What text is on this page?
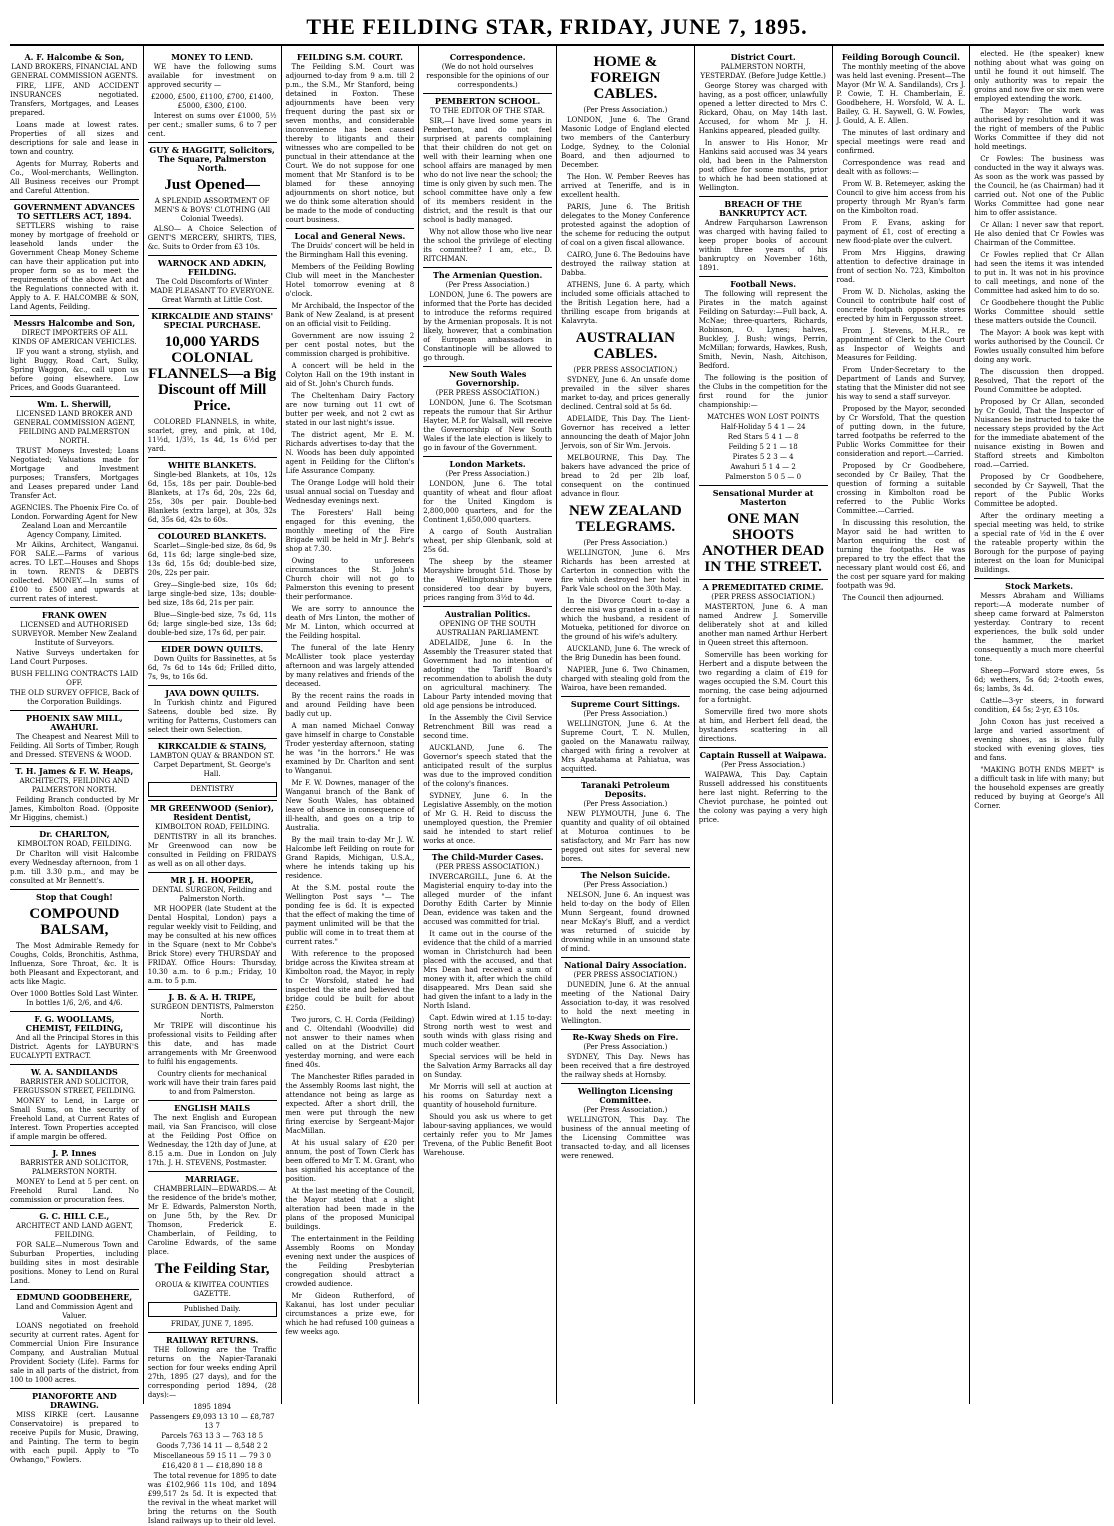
THE FEILDING STAR, FRIDAY, JUNE 7, 1895.
A. F. Halcombe & Son,
LAND BROKERS, FINANCIAL AND GENERAL COMMISSION AGENTS.
FIRE, LIFE, AND ACCIDENT INSURANCES negotiated. Transfers, Mortgages, and Leases prepared.
Loans made at lowest rates. Properties of all sizes and descriptions for sale and lease in town and country.
Agents for Murray, Roberts and Co., Wool-merchants, Wellington. All Business receives our Prompt and Careful Attention.
GOVERNMENT ADVANCES TO SETTLERS ACT, 1894.
SETTLERS wishing to raise money by mortgage of freehold or leasehold lands under the Government Cheap Money Scheme can have their application put into proper form so as to meet the requirements of the above Act and the Regulations connected with it. Apply to A. F. HALCOMBE & SON, Land Agents, Feilding.
Messrs Halcombe and Son,
DIRECT IMPORTERS OF ALL KINDS OF AMERICAN VEHICLES.
IF you want a strong, stylish, and light Buggy, Road Cart, Sulky, Spring Waggon, &c., call upon us before going elsewhere. Low Prices, and Goods Guaranteed.
Wm. L. Sherwill,
LICENSED LAND BROKER AND GENERAL COMMISSION AGENT, FEILDING AND PALMERSTON NORTH.
TRUST Moneys Invested; Loans Negotiated; Valuations made for Mortgage and Investment purposes; Transfers, Mortgages and Leases prepared under Land Transfer Act.
AGENCIES. The Phoenix Fire Co. of London. Forwarding Agent for New Zealand Loan and Mercantile Agency Company, Limited.
Mr Aikins, Architect, Wanganui. FOR SALE.—Farms of various acres. TO LET.—Houses and Shops in town. RENTS & DEBTS collected. MONEY.—In sums of £100 to £500 and upwards at current rates of interest.
FRANK OWEN
LICENSED and AUTHORISED SURVEYOR. Member New Zealand Institute of Surveyors.
Native Surveys undertaken for Land Court Purposes.
BUSH FELLING CONTRACTS LAID OFF.
THE OLD SURVEY OFFICE, Back of the Corporation Buildings.
PHOENIX SAW MILL, AWAHURI.
The Cheapest and Nearest Mill to Feilding. All Sorts of Timber, Rough and Dressed. STEVENS & WOOD.
T. H. James & F. W. Heaps,
ARCHITECTS, FEILDING AND PALMERSTON NORTH.
Feilding Branch conducted by Mr James, Kimbolton Road. (Opposite Mr Higgins, chemist.)
Dr. CHARLTON,
KIMBOLTON ROAD, FEILDING.
Dr Charlton will visit Halcombe every Wednesday afternoon, from 1 p.m. till 3.30 p.m., and may be consulted at Mr Bennett's.
Stop that Cough!
COMPOUND BALSAM,
The Most Admirable Remedy for Coughs, Colds, Bronchitis, Asthma, Influenza, Sore Throat, &c. It is both Pleasant and Expectorant, and acts like Magic.
Over 1000 Bottles Sold Last Winter. In bottles 1/6, 2/6, and 4/6.
F. G. WOOLLAMS, CHEMIST, FEILDING,
And all the Principal Stores in this District. Agents for LAYBURN'S EUCALYPTI EXTRACT.
W. A. SANDILANDS
BARRISTER AND SOLICITOR, FERGUSSON STREET, FEILDING.
MONEY to Lend, in Large or Small Sums, on the security of Freehold Land, at Current Rates of Interest. Town Properties accepted if ample margin be offered.
J. P. Innes
BARRISTER AND SOLICITOR, PALMERSTON NORTH.
MONEY to Lend at 5 per cent. on Freehold Rural Land. No commission or procuration fees.
G. C. HILL C.E.,
ARCHITECT AND LAND AGENT, FEILDING.
FOR SALE—Numerous Town and Suburban Properties, including building sites in most desirable positions. Money to Lend on Rural Land.
EDMUND GOODBEHERE,
Land and Commission Agent and Valuer.
LOANS negotiated on freehold security at current rates. Agent for Commercial Union Fire Insurance Company, and Australian Mutual Provident Society (Life). Farms for sale in all parts of the district, from 100 to 1000 acres.
PIANOFORTE AND DRAWING.
MISS KIRKE (cert. Lausanne Conservatoire) is prepared to receive Pupils for Music, Drawing, and Painting. The term to begin with each pupil. Apply to "To Owhango," Fowlers.
MONEY TO LEND.
WE have the following sums available for investment on approved security —
£2000, £500, £1100, £700, £1400, £5000, £300, £100.
Interest on sums over £1000, 5½ per cent.; smaller sums, 6 to 7 per cent.
GUY & HAGGITT, Solicitors, The Square, Palmerston North.
Just Opened—
A SPLENDID ASSORTMENT OF MEN'S & BOYS' CLOTHING (All Colonial Tweeds).
ALSO— A Choice Selection of GENT'S MERCERY, SHIRTS, TIES, &c. Suits to Order from £3 10s.
WARNOCK AND ADKIN, FEILDING.
The Cold Discomforts of Winter MADE PLEASANT TO EVERYONE. Great Warmth at Little Cost.
KIRKCALDIE AND STAINS' SPECIAL PURCHASE.
10,000 YARDS COLONIAL FLANNELS—a Big Discount off Mill Price.
COLORED FLANNELS, in white, scarlet, grey, and pink, at 10d, 11½d, 1/3½, 1s 4d, 1s 6½d per yard.
WHITE BLANKETS.
Single-bed Blankets, at 10s, 12s 6d, 15s, 18s per pair. Double-bed Blankets, at 17s 6d, 20s, 22s 6d, 25s, 30s per pair. Double-bed Blankets (extra large), at 30s, 32s 6d, 35s 6d, 42s to 60s.
COLOURED BLANKETS.
Scarlet—Single-bed size, 8s 6d, 9s 6d, 11s 6d; large single-bed size, 13s 6d, 15s 6d; double-bed size, 20s, 22s per pair.
Grey—Single-bed size, 10s 6d; large single-bed size, 13s; double-bed size, 18s 6d, 21s per pair.
Blue—Single-bed size, 7s 6d, 11s 6d; large single-bed size, 13s 6d; double-bed size, 17s 6d, per pair.
EIDER DOWN QUILTS.
Down Quilts for Bassinettes, at 5s 6d, 7s 6d to 14s 6d; Frilled ditto, 7s, 9s, to 16s 6d.
JAVA DOWN QUILTS.
In Turkish chintz and Figured Sateens, double bed size. By writing for Patterns, Customers can select their own Selection.
KIRKCALDIE & STAINS,
LAMBTON QUAY & BRANDON ST. Carpet Department, St. George's Hall.
DENTISTRY
MR GREENWOOD (Senior), Resident Dentist,
KIMBOLTON ROAD, FEILDING.
DENTISTRY in all its branches. Mr Greenwood can now be consulted in Feilding on FRIDAYS as well as on all other days.
MR J. H. HOOPER,
DENTAL SURGEON, Feilding and Palmerston North.
MR HOOPER (late Student at the Dental Hospital, London) pays a regular weekly visit to Feilding, and may be consulted at his new offices in the Square (next to Mr Cobbe's Brick Store) every THURSDAY and FRIDAY. Office Hours: Thursday, 10.30 a.m. to 6 p.m.; Friday, 10 a.m. to 5 p.m.
J. B. & A. H. TRIPE,
SURGEON DENTISTS, Palmerston North.
Mr TRIPE will discontinue his professional visits to Feilding after this date, and has made arrangements with Mr Greenwood to fulfil his engagements.
Country clients for mechanical work will have their train fares paid to and from Palmerston.
ENGLISH MAILS
The next English and European mail, via San Francisco, will close at the Feilding Post Office on Wednesday, the 12th day of June, at 8.15 a.m. Due in London on July 17th. J. H. STEVENS, Postmaster.
MARRIAGE.
CHAMBERLAIN—EDWARDS.— At the residence of the bride's mother, Mr E. Edwards, Palmerston North, on June 5th, by the Rev. Dr Thomson, Frederick E. Chamberlain, of Feilding, to Caroline Edwards, of the same place.
The Feilding Star,
OROUA & KIWITEA COUNTIES GAZETTE.
Published Daily.
FRIDAY, JUNE 7, 1895.
RAILWAY RETURNS.
THE following are the Traffic returns on the Napier-Taranaki section for four weeks ending April 27th, 1895 (27 days), and for the corresponding period 1894, (28 days):—
1895 1894
Passengers £9,093 13 10 — £8,787 13 7
Parcels 763 13 3 — 763 18 5
Goods 7,736 14 11 — 8,548 2 2
Miscellaneous 59 15 11 — 79 3 0
£16,420 8 1 — £18,890 18 8
The total revenue for 1895 to date was £102,966 11s 10d, and 1894 £99,517 2s 5d. It is expected that the revival in the wheat market will bring the returns on the South Island railways up to their old level.
FEILDING S.M. COURT.
The Feilding S.M. Court was adjourned to-day from 9 a.m. till 2 p.m., the S.M., Mr Stanford, being detained in Foxton. These adjournments have been very frequent during the past six or seven months, and considerable inconvenience has been caused thereby to litigants and their witnesses who are compelled to be punctual in their attendance at the Court. We do not suppose for one moment that Mr Stanford is to be blamed for these annoying adjournments on short notice, but we do think some alteration should be made to the mode of conducting court business.
Local and General News.
The Druids' concert will be held in the Birmingham Hall this evening.
Members of the Feilding Bowling Club will meet in the Manchester Hotel tomorrow evening at 8 o'clock.
Mr Archibald, the Inspector of the Bank of New Zealand, is at present on an official visit to Feilding.
Government are now issuing 2 per cent postal notes, but the commission charged is prohibitive.
A concert will be held in the Colyton Hall on the 19th instant in aid of St. John's Church funds.
The Cheltenham Dairy Factory are now turning out 11 cwt of butter per week, and not 2 cwt as stated in our last night's issue.
The district agent, Mr E. M. Richards advertises to-day that the N. Woods has been duly appointed agent in Feilding for the Clifton's Life Assurance Company.
The Orange Lodge will hold their usual annual social on Tuesday and Wednesday evenings next.
The Foresters' Hall being engaged for this evening, the monthly meeting of the Fire Brigade will be held in Mr J. Behr's shop at 7.30.
Owing to unforeseen circumstances the St. John's Church choir will not go to Palmerston this evening to present their performance.
We are sorry to announce the death of Mrs Linton, the mother of Mr M. Linton, which occurred at the Feilding hospital.
The funeral of the late Henry McAllister took place yesterday afternoon and was largely attended by many relatives and friends of the deceased.
By the recent rains the roads in and around Feilding have been badly cut up.
A man named Michael Conway gave himself in charge to Constable Troder yesterday afternoon, stating he was "in the horrors." He was examined by Dr. Charlton and sent to Wanganui.
Mr F. W. Downes, manager of the Wanganui branch of the Bank of New South Wales, has obtained leave of absence in consequence of ill-health, and goes on a trip to Australia.
By the mail train to-day Mr J. W. Halcombe left Feilding on route for Grand Rapids, Michigan, U.S.A., where he intends taking up his residence.
At the S.M. postal route the Wellington Post says "— The ponding fee is 6d. It is expected that the effect of making the time of payment unlimited will be that the public will come in to treat them at current rates."
With reference to the proposed bridge across the Kiwitea stream at Kimbolton road, the Mayor, in reply to Cr Worsfold, stated he had inspected the site and believed the bridge could be built for about £250.
Two jurors, C. H. Corda (Feilding) and C. Oltendahl (Woodville) did not answer to their names when called on at the District Court yesterday morning, and were each fined 40s.
The Manchester Rifles paraded in the Assembly Rooms last night, the attendance not being as large as expected. After a short drill, the men were put through the new firing exercise by Sergeant-Major MacMillan.
At his usual salary of £20 per annum, the post of Town Clerk has been offered to Mr T. M. Grant, who has signified his acceptance of the position.
At the last meeting of the Council, the Mayor stated that a slight alteration had been made in the plans of the proposed Municipal buildings.
The entertainment in the Feilding Assembly Rooms on Monday evening next under the auspices of the Feilding Presbyterian congregation should attract a crowded audience.
Mr Gideon Rutherford, of Kakanui, has lost under peculiar circumstances a prize ewe, for which he had refused 100 guineas a few weeks ago.
Correspondence.
(We do not hold ourselves responsible for the opinions of our correspondents.)
PEMBERTON SCHOOL.
TO THE EDITOR OF THE STAR.
SIR,—I have lived some years in Pemberton, and do not feel surprised at parents complaining that their children do not get on well with their learning when one school affairs are managed by men who do not live near the school; the time is only given by such men. The school committee have only a few of its members resident in the district, and the result is that our school is badly managed.
Why not allow those who live near the school the privilege of electing its committee? I am, etc., D. RITCHMAN.
The Armenian Question.
(Per Press Association.)
LONDON, June 6. The powers are informed that the Porte has decided to introduce the reforms required by the Armenian proposals. It is not likely, however, that a combination of European ambassadors in Constantinople will be allowed to go through.
New South Wales Governorship.
(PER PRESS ASSOCIATION.)
LONDON, June 6. The Scotsman repeats the rumour that Sir Arthur Hayter, M.P. for Walsall, will receive the Governorship of New South Wales if the late election is likely to go in favour of the Government.
London Markets.
(Per Press Association.)
LONDON, June 6. The total quantity of wheat and flour afloat for the United Kingdom is 2,800,000 quarters, and for the Continent 1,650,000 quarters.
A cargo of South Australian wheat, per ship Glenbank, sold at 25s 6d.
The sheep by the steamer Morayshire brought 51d. Those by the Wellingtonshire were considered too dear by buyers, prices ranging from 3½d to 4d.
Australian Politics.
OPENING OF THE SOUTH AUSTRALIAN PARLIAMENT.
ADELAIDE, June 6. In the Assembly the Treasurer stated that Government had no intention of adopting the Tariff Board's recommendation to abolish the duty on agricultural machinery. The Labour Party intended moving that old age pensions be introduced.
In the Assembly the Civil Service Retrenchment Bill was read a second time.
AUCKLAND, June 6. The Governor's speech stated that the anticipated result of the surplus was due to the improved condition of the colony's finances.
SYDNEY, June 6. In the Legislative Assembly, on the motion of Mr G. H. Reid to discuss the unemployed question, the Premier said he intended to start relief works at once.
The Child-Murder Cases.
(PER PRESS ASSOCIATION.)
INVERCARGILL, June 6. At the Magisterial enquiry to-day into the alleged murder of the infant Dorothy Edith Carter by Minnie Dean, evidence was taken and the accused was committed for trial.
It came out in the course of the evidence that the child of a married woman in Christchurch had been placed with the accused, and that Mrs Dean had received a sum of money with it, after which the child disappeared. Mrs Dean said she had given the infant to a lady in the North Island.
Capt. Edwin wired at 1.15 to-day: Strong north west to west and south winds with glass rising and much colder weather.
Special services will be held in the Salvation Army Barracks all day on Sunday.
Mr Morris will sell at auction at his rooms on Saturday next a quantity of household furniture.
Should you ask us where to get labour-saving appliances, we would certainly refer you to Mr James Trevena, of the Public Benefit Boot Warehouse.
HOME & FOREIGN CABLES.
(Per Press Association.)
LONDON, June 6. The Grand Masonic Lodge of England elected two members of the Canterbury Lodge, Sydney, to the Colonial Board, and then adjourned to December.
The Hon. W. Pember Reeves has arrived at Teneriffe, and is in excellent health.
PARIS, June 6. The British delegates to the Money Conference protested against the adoption of the scheme for reducing the output of coal on a given fiscal allowance.
CAIRO, June 6. The Bedouins have destroyed the railway station at Dabba.
ATHENS, June 6. A party, which included some officials attached to the British Legation here, had a thrilling escape from brigands at Kalavryta.
AUSTRALIAN CABLES.
(PER PRESS ASSOCIATION.)
SYDNEY, June 6. An unsafe dome prevailed in the silver shares market to-day, and prices generally declined. Central sold at 5s 6d.
ADELAIDE, This Day. The Lient-Governor has received a letter announcing the death of Major John Jervois, son of Sir Wm. Jervois.
MELBOURNE, This Day. The bakers have advanced the price of bread to 2d per 2lb loaf, consequent on the continued advance in flour.
NEW ZEALAND TELEGRAMS.
(Per Press Association.)
WELLINGTON, June 6. Mrs Richards has been arrested at Carterton in connection with the fire which destroyed her hotel in Park Vale school on the 30th May.
In the Divorce Court to-day a decree nisi was granted in a case in which the husband, a resident of Motueka, petitioned for divorce on the ground of his wife's adultery.
AUCKLAND, June 6. The wreck of the Brig Dunedin has been found.
NAPIER, June 6. Two Chinamen, charged with stealing gold from the Wairoa, have been remanded.
Supreme Court Sittings.
(Per Press Association.)
WELLINGTON, June 6. At the Supreme Court, T. N. Mullen, gaoled on the Manawatu railway, charged with firing a revolver at Mrs Apatahama at Pahiatua, was acquitted.
Taranaki Petroleum Deposits.
(Per Press Association.)
NEW PLYMOUTH, June 6. The quantity and quality of oil obtained at Moturoa continues to be satisfactory, and Mr Farr has now pegged out sites for several new bores.
The Nelson Suicide.
(Per Press Association.)
NELSON, June 6. An inquest was held to-day on the body of Ellen Munn Sergeant, found drowned near McKay's Bluff, and a verdict was returned of suicide by drowning while in an unsound state of mind.
National Dairy Association.
(PER PRESS ASSOCIATION.)
DUNEDIN, June 6. At the annual meeting of the National Dairy Association to-day, it was resolved to hold the next meeting in Wellington.
Re-Kway Sheds on Fire.
(Per Press Association.)
SYDNEY, This Day. News has been received that a fire destroyed the railway sheds at Hornsby.
Wellington Licensing Committee.
(Per Press Association.)
WELLINGTON, This Day. The business of the annual meeting of the Licensing Committee was transacted to-day, and all licenses were renewed.
District Court.
PALMERSTON NORTH, YESTERDAY. (Before Judge Kettle.)
George Storey was charged with having, as a post officer, unlawfully opened a letter directed to Mrs C. Rickard, Ohau, on May 14th last. Accused, for whom Mr J. H. Hankins appeared, pleaded guilty.
In answer to His Honor, Mr Hankins said accused was 34 years old, had been in the Palmerston post office for some months, prior to which he had been stationed at Wellington.
BREACH OF THE BANKRUPTCY ACT.
Andrew Farquharson Lawrenson was charged with having failed to keep proper books of account within three years of his bankruptcy on November 16th, 1891.
Football News.
The following will represent the Pirates in the match against Feilding on Saturday:—Full back, A. McNae; three-quarters, Richards, Robinson, O. Lynes; halves, Buckley, J. Bush; wings, Perrin, McMillan; forwards, Hawkes, Rush, Smith, Nevin, Nash, Aitchison, Bedford.
The following is the position of the Clubs in the competition for the first round for the junior championship:—
MATCHES WON LOST POINTS
Half-Holiday 5 4 1 — 24
Red Stars 5 4 1 — 8
Feilding 5 2 1 — 18
Pirates 5 2 3 — 4
Awahuri 5 1 4 — 2
Palmerston 5 0 5 — 0
Sensational Murder at Masterton
ONE MAN SHOOTS ANOTHER DEAD IN THE STREET.
A PREMEDITATED CRIME.
(PER PRESS ASSOCIATION.)
MASTERTON, June 6. A man named Andrew J. Somerville deliberately shot at and killed another man named Arthur Herbert in Queen street this afternoon.
Somerville has been working for Herbert and a dispute between the two regarding a claim of £19 for wages occupied the S.M. Court this morning, the case being adjourned for a fortnight.
Somerville fired two more shots at him, and Herbert fell dead, the bystanders scattering in all directions.
Captain Russell at Waipawa.
(Per Press Association.)
WAIPAWA, This Day. Captain Russell addressed his constituents here last night. Referring to the Cheviot purchase, he pointed out the colony was paying a very high price.
Feilding Borough Council.
The monthly meeting of the above was held last evening. Present—The Mayor (Mr W. A. Sandilands), Crs J. P. Cowie, T. H. Chamberlain, E. Goodbehere, H. Worsfold, W. A. L. Bailey, G. H. Saywell, G. W. Fowles, J. Gould, A. E. Allen.
The minutes of last ordinary and special meetings were read and confirmed.
Correspondence was read and dealt with as follows:—
From W. B. Retemeyer, asking the Council to give him access from his property through Mr Ryan's farm on the Kimbolton road.
From F. Evans, asking for payment of £1, cost of erecting a new flood-plate over the culvert.
From Mrs Higgins, drawing attention to defective drainage in front of section No. 723, Kimbolton road.
From W. D. Nicholas, asking the Council to contribute half cost of concrete footpath opposite stores erected by him in Fergusson street.
From J. Stevens, M.H.R., re appointment of Clerk to the Court as Inspector of Weights and Measures for Feilding.
From Under-Secretary to the Department of Lands and Survey, stating that the Minister did not see his way to send a staff surveyor.
Proposed by the Mayor, seconded by Cr Worsfold, That the question of putting down, in the future, tarred footpaths be referred to the Public Works Committee for their consideration and report.—Carried.
Proposed by Cr Goodbehere, seconded by Cr Bailey, That the question of forming a suitable crossing in Kimbolton road be referred to the Public Works Committee.—Carried.
In discussing this resolution, the Mayor said he had written to Marton enquiring the cost of turning the footpaths. He was prepared to try the effect that the necessary plant would cost £6, and the cost per square yard for making footpath was 9d.
The Council then adjourned.
elected. He (the speaker) knew nothing about what was going on until he found it out himself. The only authority was to repair the groins and now five or six men were employed extending the work.
The Mayor: The work was authorised by resolution and it was the right of members of the Public Works Committee if they did not hold meetings.
Cr Fowles: The business was conducted in the way it always was. As soon as the work was passed by the Council, he (as Chairman) had it carried out. Not one of the Public Works Committee had gone near him to offer assistance.
Cr Allan: I never saw that report. He also denied that Cr Fowles was Chairman of the Committee.
Cr Fowles replied that Cr Allan had seen the items it was intended to put in. It was not in his province to call meetings, and none of the Committee had asked him to do so.
Cr Goodbehere thought the Public Works Committee should settle these matters outside the Council.
The Mayor: A book was kept with works authorised by the Council. Cr Fowles usually consulted him before doing any work.
The discussion then dropped. Resolved, That the report of the Pound Committee be adopted.
Proposed by Cr Allan, seconded by Cr Gould, That the Inspector of Nuisances be instructed to take the necessary steps provided by the Act for the immediate abatement of the nuisance existing in Bowen and Stafford streets and Kimbolton road.—Carried.
Proposed by Cr Goodbehere, seconded by Cr Saywell, That the report of the Public Works Committee be adopted.
After the ordinary meeting a special meeting was held, to strike a special rate of ½d in the £ over the rateable property within the Borough for the purpose of paying interest on the loan for Municipal Buildings.
Stock Markets.
Messrs Abraham and Williams report:—A moderate number of sheep came forward at Palmerston yesterday. Contrary to recent experiences, the bulk sold under the hammer, the market consequently a much more cheerful tone.
Sheep—Forward store ewes, 5s 6d; wethers, 5s 6d; 2-tooth ewes, 6s; lambs, 3s 4d.
Cattle—3-yr steers, in forward condition, £4 5s; 2-yr, £3 10s.
John Coxon has just received a large and varied assortment of evening shoes, as is also fully stocked with evening gloves, ties and fans.
"MAKING BOTH ENDS MEET" is a difficult task in life with many; but the household expenses are greatly reduced by buying at George's All Corner.
